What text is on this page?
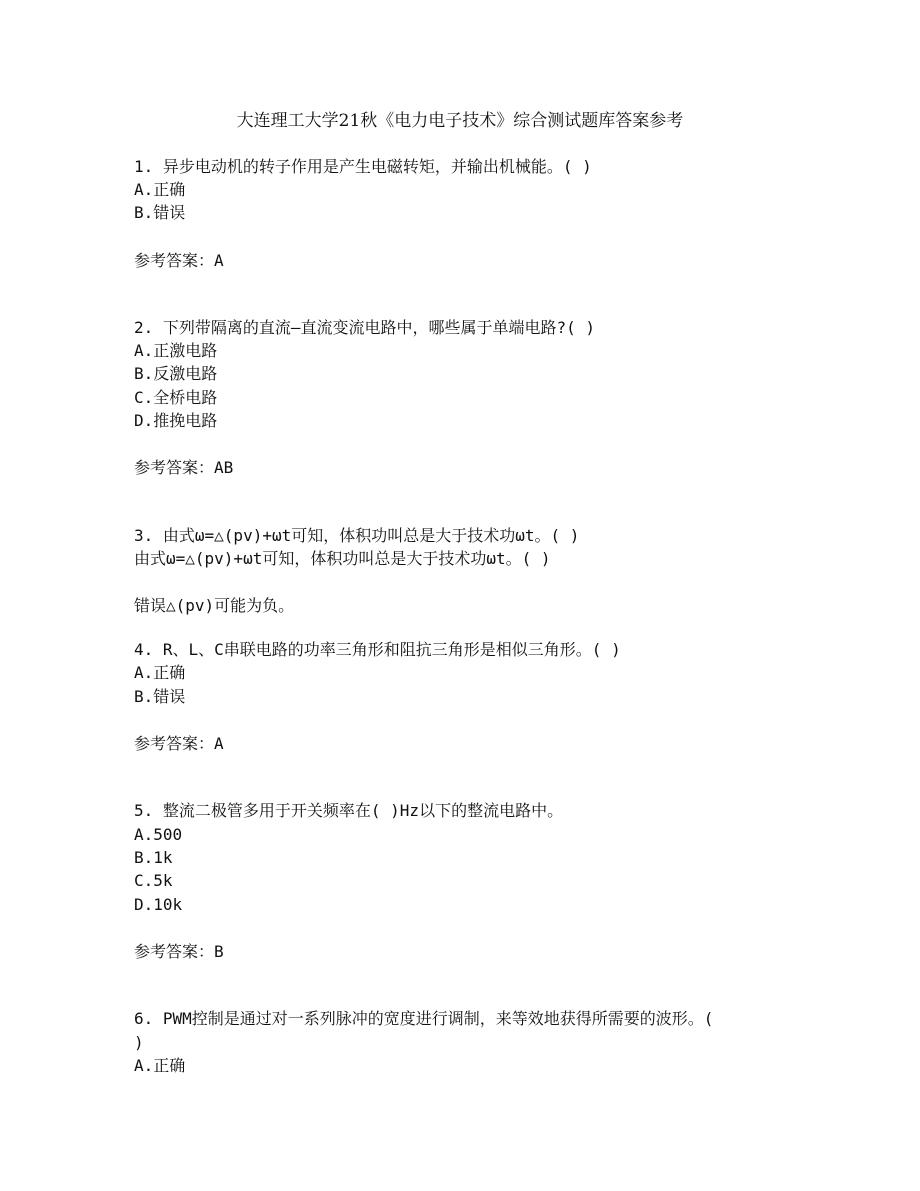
大连理工大学21秋《电力电子技术》综合测试题库答案参考
1. 异步电动机的转子作用是产生电磁转矩，并输出机械能。( )
A.正确
B.错误
参考答案：A
2. 下列带隔离的直流—直流变流电路中，哪些属于单端电路?( )
A.正激电路
B.反激电路
C.全桥电路
D.推挽电路
参考答案：AB
3. 由式ω=△(pv)+ωt可知，体积功叫总是大于技术功ωt。( )
由式ω=△(pv)+ωt可知，体积功叫总是大于技术功ωt。( )
错误△(pv)可能为负。
4. R、L、C串联电路的功率三角形和阻抗三角形是相似三角形。( )
A.正确
B.错误
参考答案：A
5. 整流二极管多用于开关频率在( )Hz以下的整流电路中。
A.500
B.1k
C.5k
D.10k
参考答案：B
6. PWM控制是通过对一系列脉冲的宽度进行调制，来等效地获得所需要的波形。(
)
A.正确
